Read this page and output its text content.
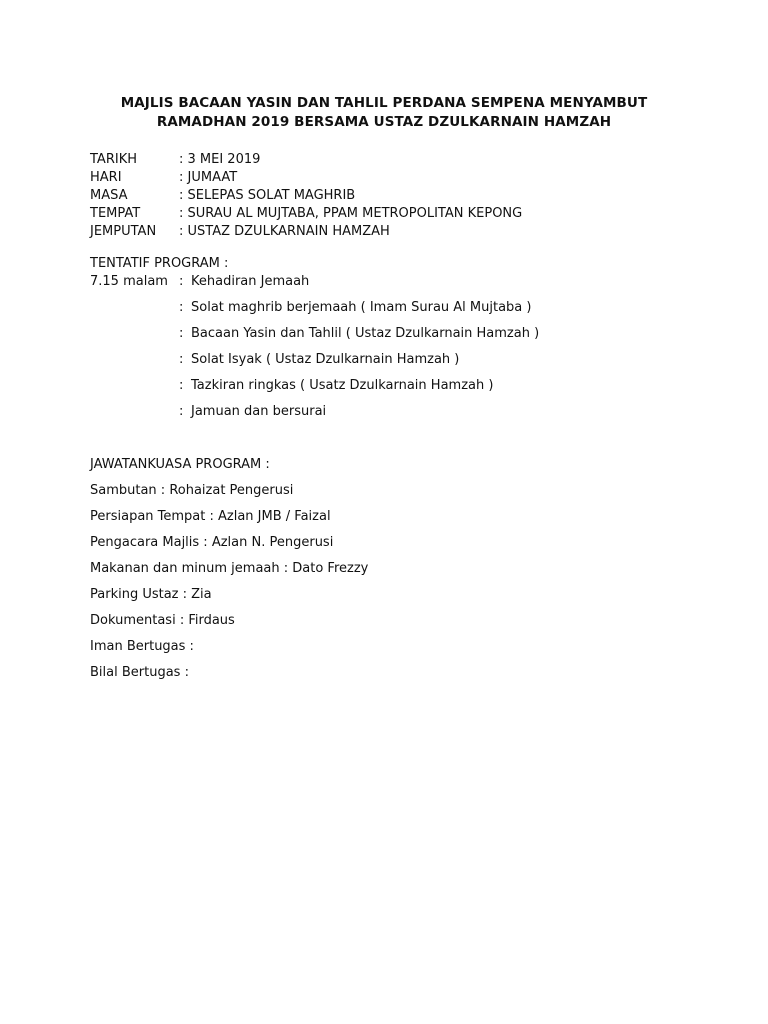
MAJLIS BACAAN YASIN DAN TAHLIL PERDANA SEMPENA MENYAMBUT
RAMADHAN 2019 BERSAMA USTAZ DZULKARNAIN HAMZAH
TARIKH	: 3 MEI 2019
HARI	: JUMAAT
MASA	: SELEPAS SOLAT MAGHRIB
TEMPAT	: SURAU AL MUJTABA, PPAM METROPOLITAN KEPONG
JEMPUTAN : USTAZ DZULKARNAIN HAMZAH
TENTATIF PROGRAM :
7.15 malam : Kehadiran Jemaah
: Solat maghrib berjemaah ( Imam Surau Al Mujtaba )
: Bacaan Yasin dan Tahlil ( Ustaz Dzulkarnain Hamzah )
: Solat Isyak ( Ustaz Dzulkarnain Hamzah )
: Tazkiran ringkas ( Usatz Dzulkarnain Hamzah )
: Jamuan dan bersurai
JAWATANKUASA PROGRAM :
Sambutan : Rohaizat Pengerusi
Persiapan Tempat : Azlan JMB / Faizal
Pengacara Majlis : Azlan N. Pengerusi
Makanan dan minum jemaah : Dato Frezzy
Parking Ustaz : Zia
Dokumentasi : Firdaus
Iman Bertugas :
Bilal Bertugas :
